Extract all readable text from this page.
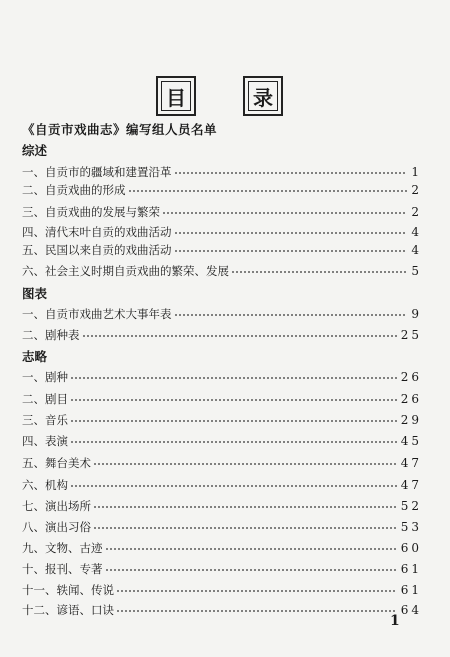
目	录
《自贡市戏曲志》编写组人员名单
综述
一、自贡市的疆域和建置沿革	1
二、自贡戏曲的形成	2
三、自贡戏曲的发展与繁荣	2
四、清代末叶自贡的戏曲活动	4
五、民国以来自贡的戏曲活动	4
六、社会主义时期自贡戏曲的繁荣、发展	5
图表
一、自贡市戏曲艺术大事年表	9
二、剧种表	25
志略
一、剧种	26
二、剧目	26
三、音乐	29
四、表演	45
五、舞台美术	47
六、机构	47
七、演出场所	52
八、演出习俗	53
九、文物、古迹	60
十、报刊、专著	61
十一、轶闻、传说	61
十二、谚语、口诀	64
1
